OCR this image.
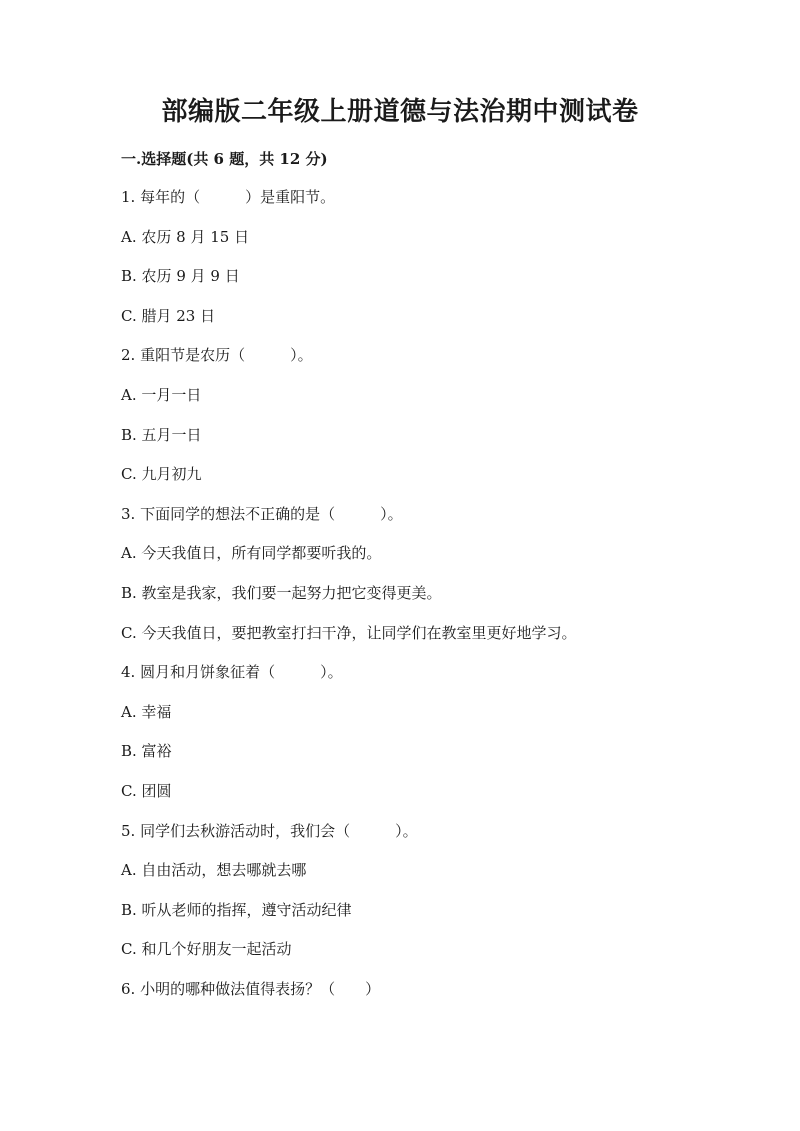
部编版二年级上册道德与法治期中测试卷
一.选择题(共 6 题，共 12 分)
1. 每年的（　　　）是重阳节。
A. 农历 8 月 15 日
B. 农历 9 月 9 日
C. 腊月 23 日
2. 重阳节是农历（　　　）。
A. 一月一日
B. 五月一日
C. 九月初九
3. 下面同学的想法不正确的是（　　　）。
A. 今天我值日，所有同学都要听我的。
B. 教室是我家，我们要一起努力把它变得更美。
C. 今天我值日，要把教室打扫干净，让同学们在教室里更好地学习。
4. 圆月和月饼象征着（　　　）。
A. 幸福
B. 富裕
C. 团圆
5. 同学们去秋游活动时，我们会（　　　）。
A. 自由活动，想去哪就去哪
B. 听从老师的指挥，遵守活动纪律
C. 和几个好朋友一起活动
6. 小明的哪种做法值得表扬？（　　）
